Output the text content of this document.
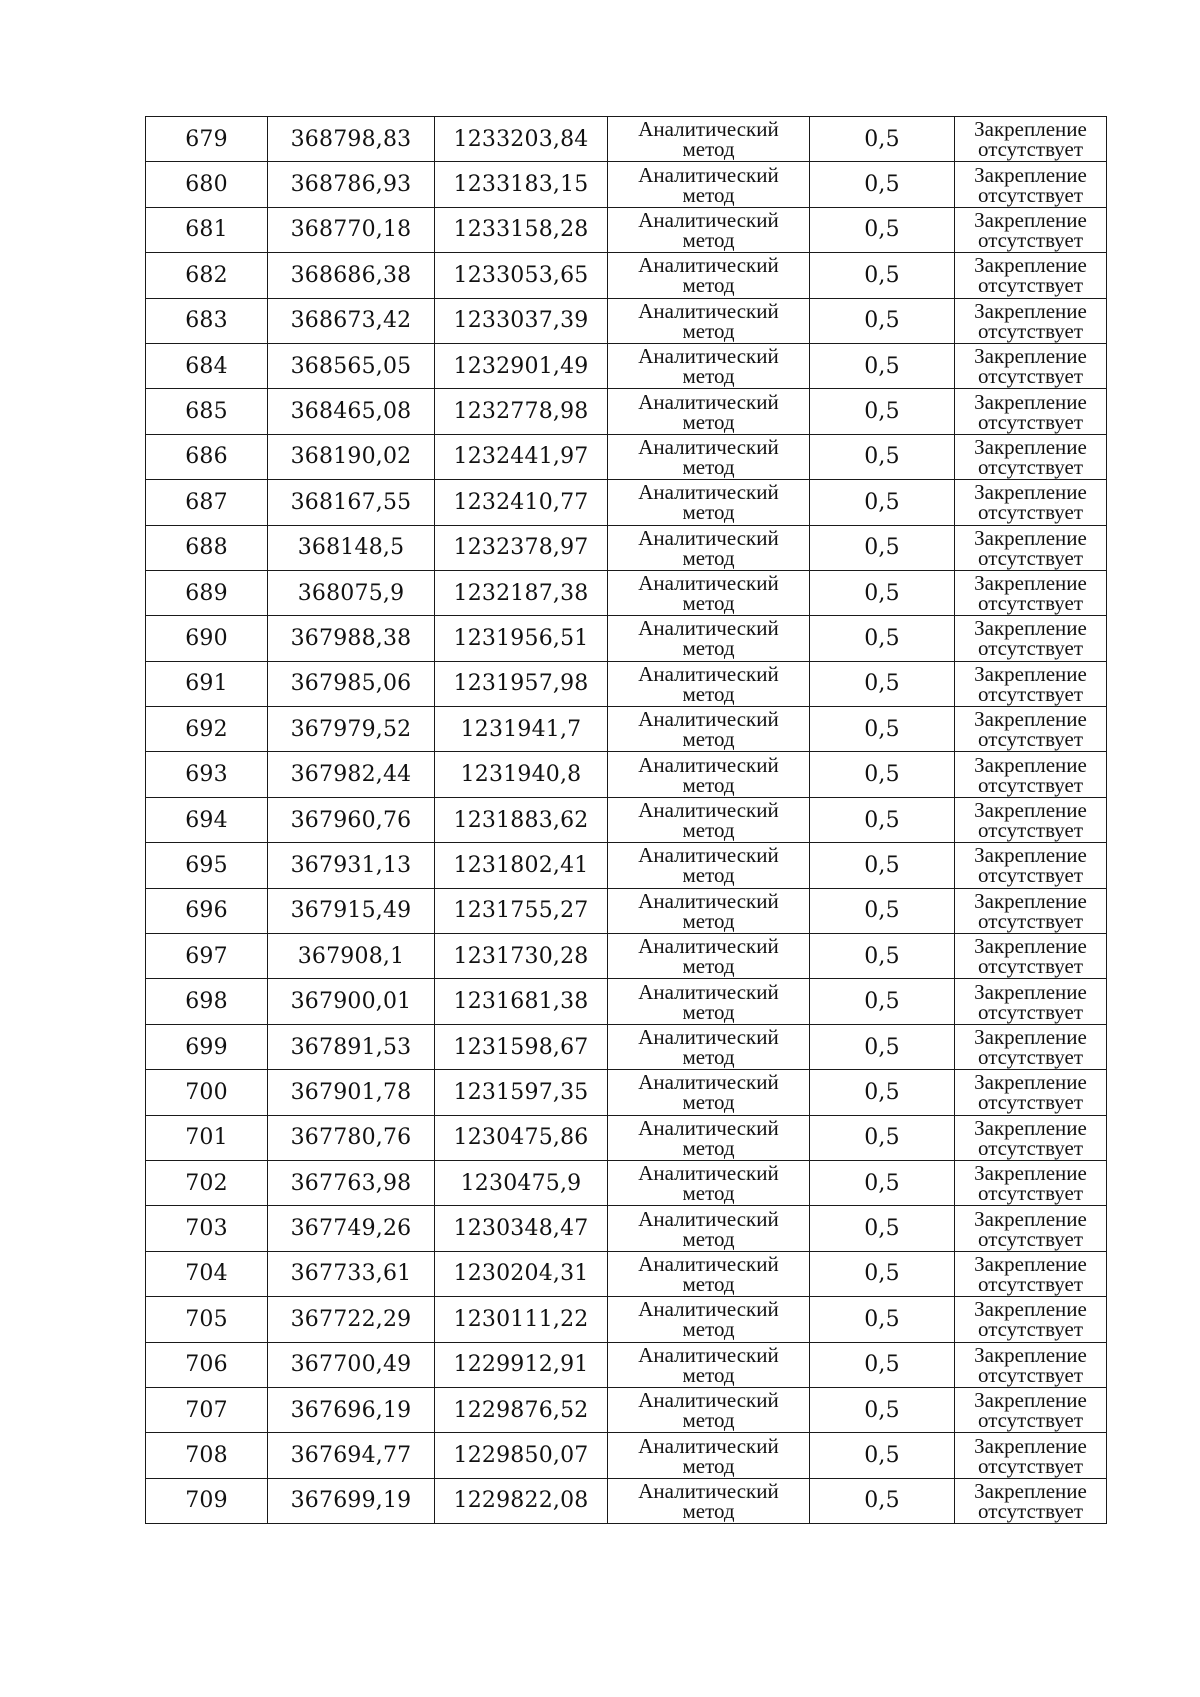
679	368798,83	1233203,84	Аналитический
метод	0,5	Закрепление
отсутствует

680	368786,93	1233183,15	Аналитический
метод	0,5	Закрепление
отсутствует

681	368770,18	1233158,28	Аналитический
метод	0,5	Закрепление
отсутствует

682	368686,38	1233053,65	Аналитический
метод	0,5	Закрепление
отсутствует

683	368673,42	1233037,39	Аналитический
метод	0,5	Закрепление
отсутствует

684	368565,05	1232901,49	Аналитический
метод	0,5	Закрепление
отсутствует

685	368465,08	1232778,98	Аналитический
метод	0,5	Закрепление
отсутствует

686	368190,02	1232441,97	Аналитический
метод	0,5	Закрепление
отсутствует

687	368167,55	1232410,77	Аналитический
метод	0,5	Закрепление
отсутствует

688	368148,5	1232378,97	Аналитический
метод	0,5	Закрепление
отсутствует

689	368075,9	1232187,38	Аналитический
метод	0,5	Закрепление
отсутствует

690	367988,38	1231956,51	Аналитический
метод	0,5	Закрепление
отсутствует

691	367985,06	1231957,98	Аналитический
метод	0,5	Закрепление
отсутствует

692	367979,52	1231941,7	Аналитический
метод	0,5	Закрепление
отсутствует

693	367982,44	1231940,8	Аналитический
метод	0,5	Закрепление
отсутствует

694	367960,76	1231883,62	Аналитический
метод	0,5	Закрепление
отсутствует

695	367931,13	1231802,41	Аналитический
метод	0,5	Закрепление
отсутствует

696	367915,49	1231755,27	Аналитический
метод	0,5	Закрепление
отсутствует

697	367908,1	1231730,28	Аналитический
метод	0,5	Закрепление
отсутствует

698	367900,01	1231681,38	Аналитический
метод	0,5	Закрепление
отсутствует

699	367891,53	1231598,67	Аналитический
метод	0,5	Закрепление
отсутствует

700	367901,78	1231597,35	Аналитический
метод	0,5	Закрепление
отсутствует

701	367780,76	1230475,86	Аналитический
метод	0,5	Закрепление
отсутствует

702	367763,98	1230475,9	Аналитический
метод	0,5	Закрепление
отсутствует

703	367749,26	1230348,47	Аналитический
метод	0,5	Закрепление
отсутствует

704	367733,61	1230204,31	Аналитический
метод	0,5	Закрепление
отсутствует

705	367722,29	1230111,22	Аналитический
метод	0,5	Закрепление
отсутствует

706	367700,49	1229912,91	Аналитический
метод	0,5	Закрепление
отсутствует

707	367696,19	1229876,52	Аналитический
метод	0,5	Закрепление
отсутствует

708	367694,77	1229850,07	Аналитический
метод	0,5	Закрепление
отсутствует

709	367699,19	1229822,08	Аналитический
метод	0,5	Закрепление
отсутствует
